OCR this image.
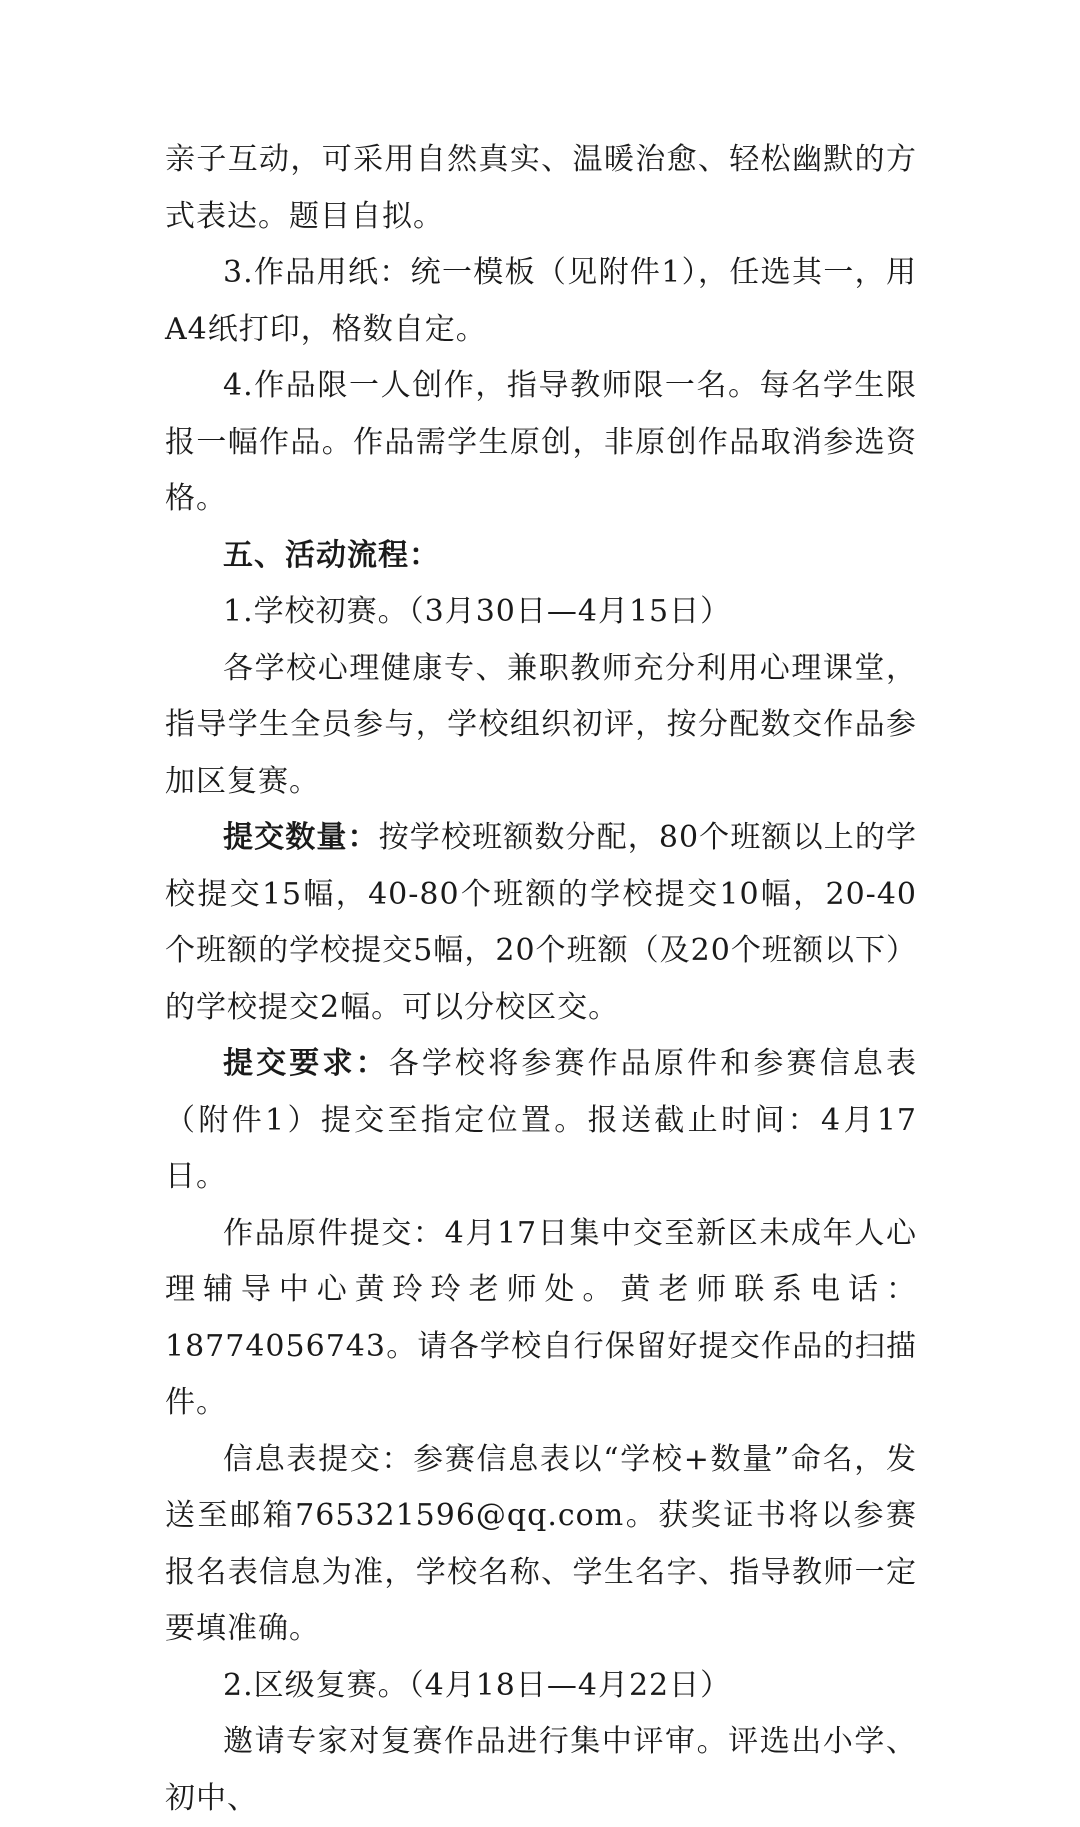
亲子互动，可采用自然真实、温暖治愈、轻松幽默的方式表达。题目自拟。

3.作品用纸：统一模板（见附件1），任选其一，用A4纸打印，格数自定。

4.作品限一人创作，指导教师限一名。每名学生限报一幅作品。作品需学生原创，非原创作品取消参选资格。

五、活动流程：

1.学校初赛。（3月30日—4月15日）

各学校心理健康专、兼职教师充分利用心理课堂，指导学生全员参与，学校组织初评，按分配数交作品参加区复赛。

提交数量：按学校班额数分配，80个班额以上的学校提交15幅，40-80个班额的学校提交10幅，20-40个班额的学校提交5幅，20个班额（及20个班额以下）的学校提交2幅。可以分校区交。

提交要求：各学校将参赛作品原件和参赛信息表（附件1）提交至指定位置。报送截止时间：4月17日。

作品原件提交：4月17日集中交至新区未成年人心理辅导中心黄玲玲老师处。黄老师联系电话：18774056743。请各学校自行保留好提交作品的扫描件。

信息表提交：参赛信息表以“学校+数量”命名，发送至邮箱765321596@qq.com。获奖证书将以参赛报名表信息为准，学校名称、学生名字、指导教师一定要填准确。

2.区级复赛。（4月18日—4月22日）

邀请专家对复赛作品进行集中评审。评选出小学、初中、
